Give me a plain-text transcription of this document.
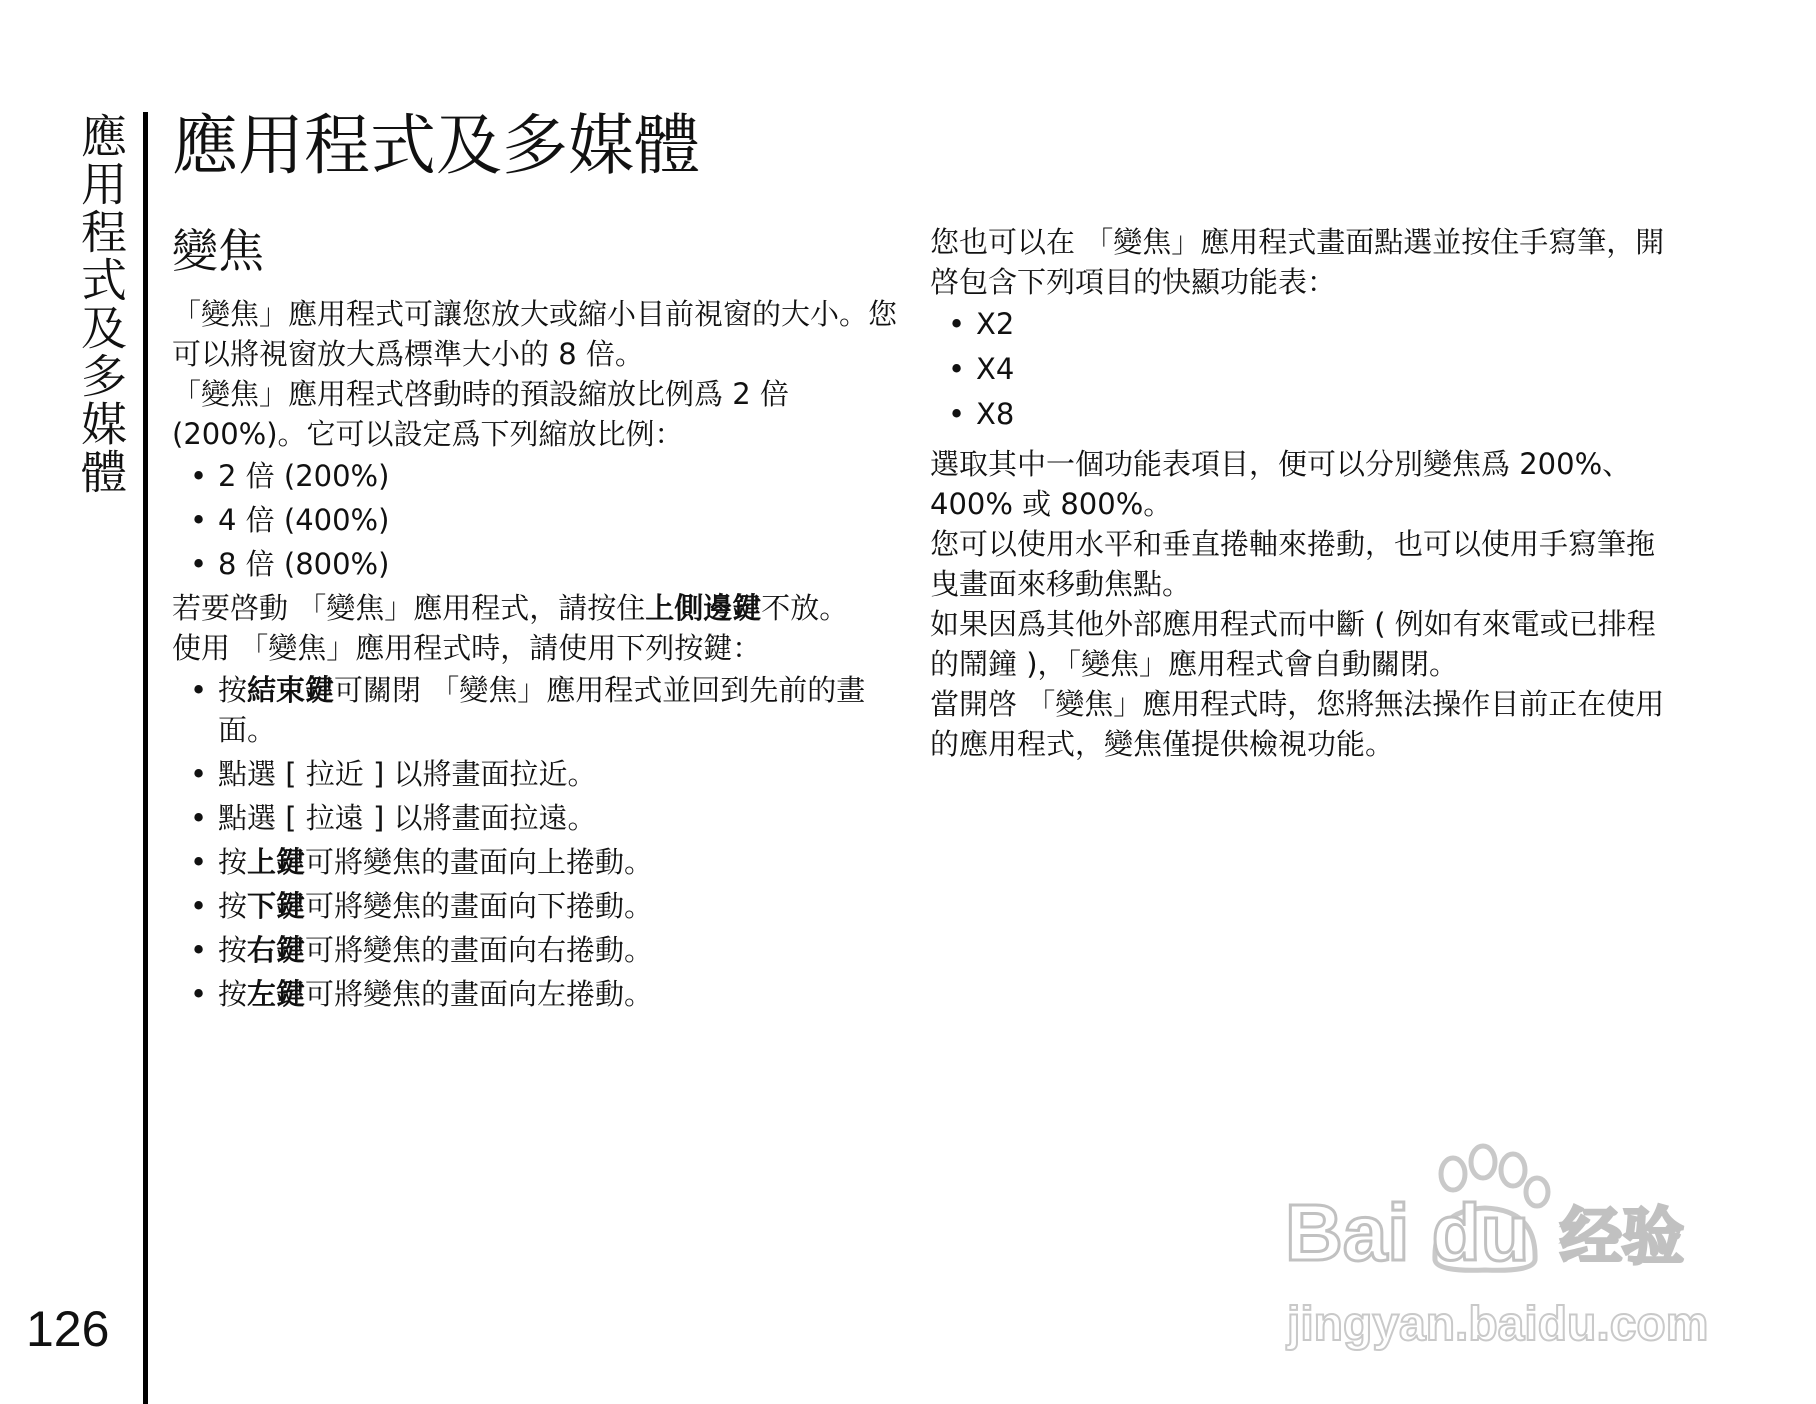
應用程式及多媒體
126
應用程式及多媒體
變焦

「變焦」應用程式可讓您放大或縮小目前視窗的大小。您可以將視窗放大爲標準大小的 8 倍。

「變焦」應用程式啓動時的預設縮放比例爲 2 倍 (200%)。它可以設定爲下列縮放比例：

• 2 倍 (200%)
• 4 倍 (400%)
• 8 倍 (800%)

若要啓動 「變焦」應用程式，請按住上側邊鍵不放。

使用 「變焦」應用程式時，請使用下列按鍵：

• 按結束鍵可關閉 「變焦」應用程式並回到先前的畫面。
• 點選 [ 拉近 ] 以將畫面拉近。
• 點選 [ 拉遠 ] 以將畫面拉遠。
• 按上鍵可將變焦的畫面向上捲動。
• 按下鍵可將變焦的畫面向下捲動。
• 按右鍵可將變焦的畫面向右捲動。
• 按左鍵可將變焦的畫面向左捲動。

您也可以在 「變焦」應用程式畫面點選並按住手寫筆，開啓包含下列項目的快顯功能表：

• X2
• X4
• X8

選取其中一個功能表項目，便可以分別變焦爲 200%、400% 或 800%。

您可以使用水平和垂直捲軸來捲動，也可以使用手寫筆拖曳畫面來移動焦點。

如果因爲其他外部應用程式而中斷 ( 例如有來電或已排程的鬧鐘 )，「變焦」應用程式會自動關閉。

當開啓 「變焦」應用程式時，您將無法操作目前正在使用的應用程式，變焦僅提供檢視功能。

Bai du 经验
jingyan.baidu.com
